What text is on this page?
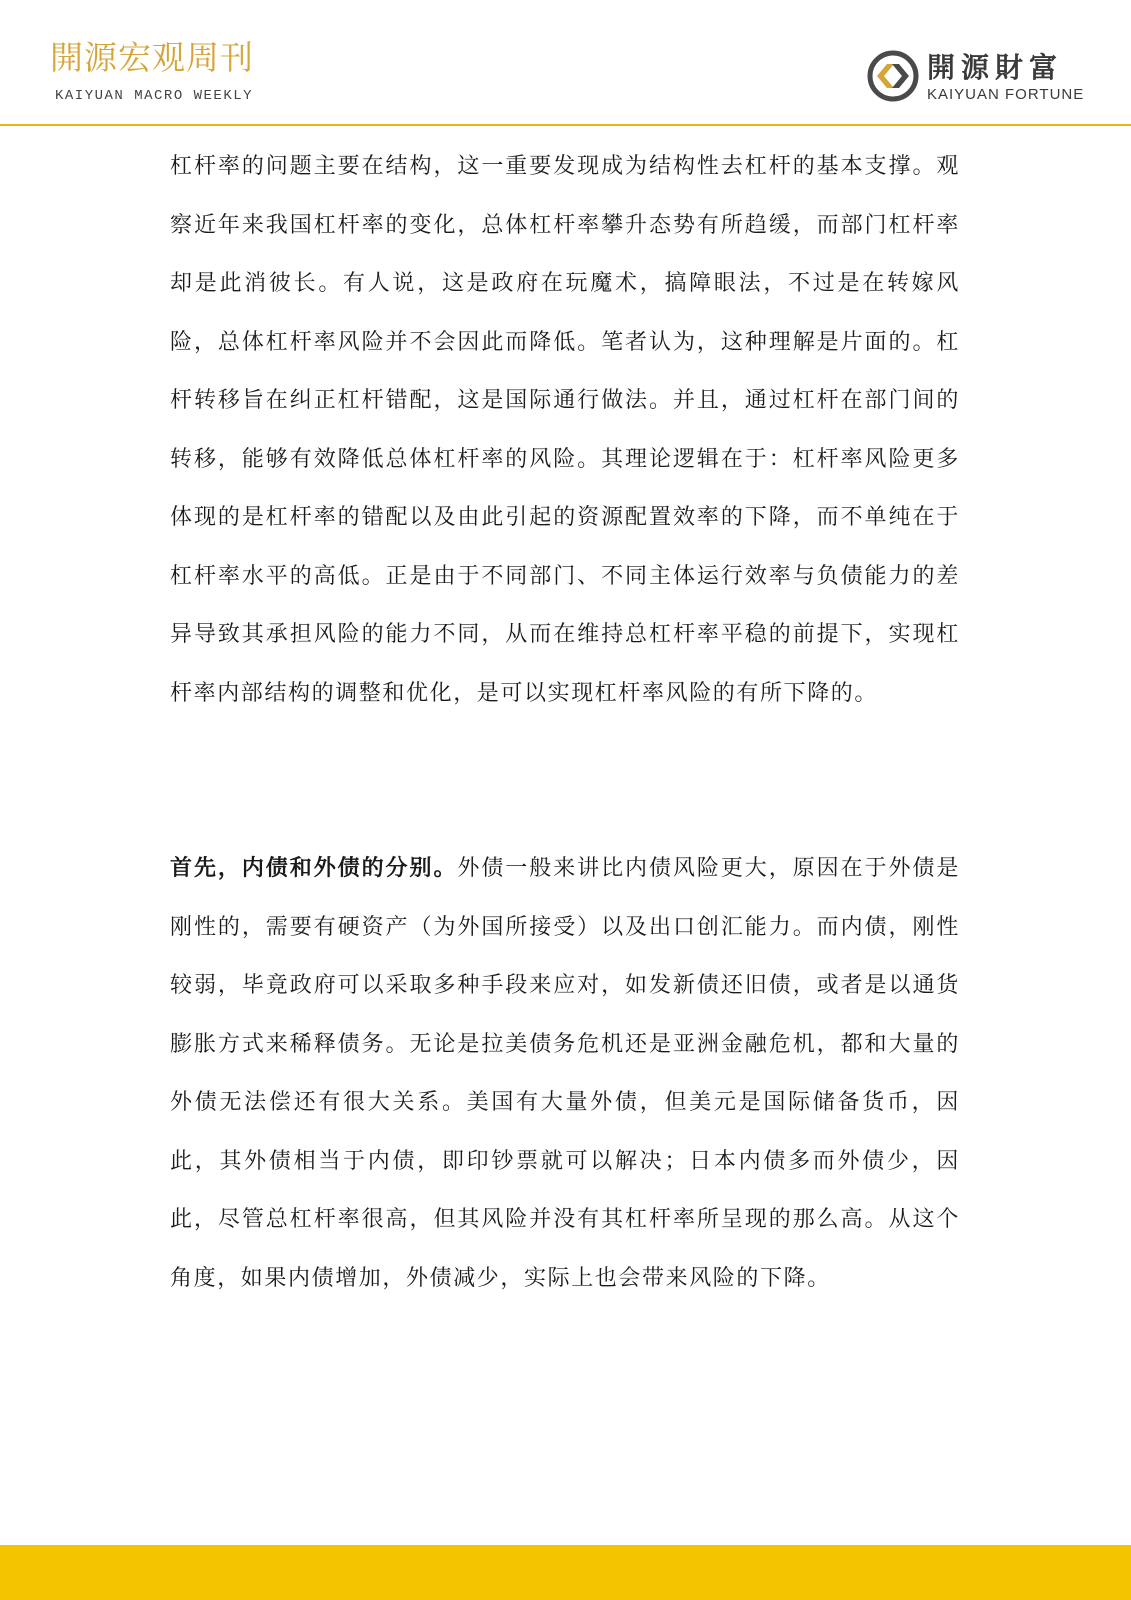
開源宏观周刊
KAIYUAN MACRO WEEKLY
開源財富
KAIYUAN FORTUNE

杠杆率的问题主要在结构，这一重要发现成为结构性去杠杆的基本支撑。观察近年来我国杠杆率的变化，总体杠杆率攀升态势有所趋缓，而部门杠杆率却是此消彼长。有人说，这是政府在玩魔术，搞障眼法，不过是在转嫁风险，总体杠杆率风险并不会因此而降低。笔者认为，这种理解是片面的。杠杆转移旨在纠正杠杆错配，这是国际通行做法。并且，通过杠杆在部门间的转移，能够有效降低总体杠杆率的风险。其理论逻辑在于：杠杆率风险更多体现的是杠杆率的错配以及由此引起的资源配置效率的下降，而不单纯在于杠杆率水平的高低。正是由于不同部门、不同主体运行效率与负债能力的差异导致其承担风险的能力不同，从而在维持总杠杆率平稳的前提下，实现杠杆率内部结构的调整和优化，是可以实现杠杆率风险的有所下降的。

首先，内债和外债的分别。外债一般来讲比内债风险更大，原因在于外债是刚性的，需要有硬资产（为外国所接受）以及出口创汇能力。而内债，刚性较弱，毕竟政府可以采取多种手段来应对，如发新债还旧债，或者是以通货膨胀方式来稀释债务。无论是拉美债务危机还是亚洲金融危机，都和大量的外债无法偿还有很大关系。美国有大量外债，但美元是国际储备货币，因此，其外债相当于内债，即印钞票就可以解决；日本内债多而外债少，因此，尽管总杠杆率很高，但其风险并没有其杠杆率所呈现的那么高。从这个角度，如果内债增加，外债减少，实际上也会带来风险的下降。
